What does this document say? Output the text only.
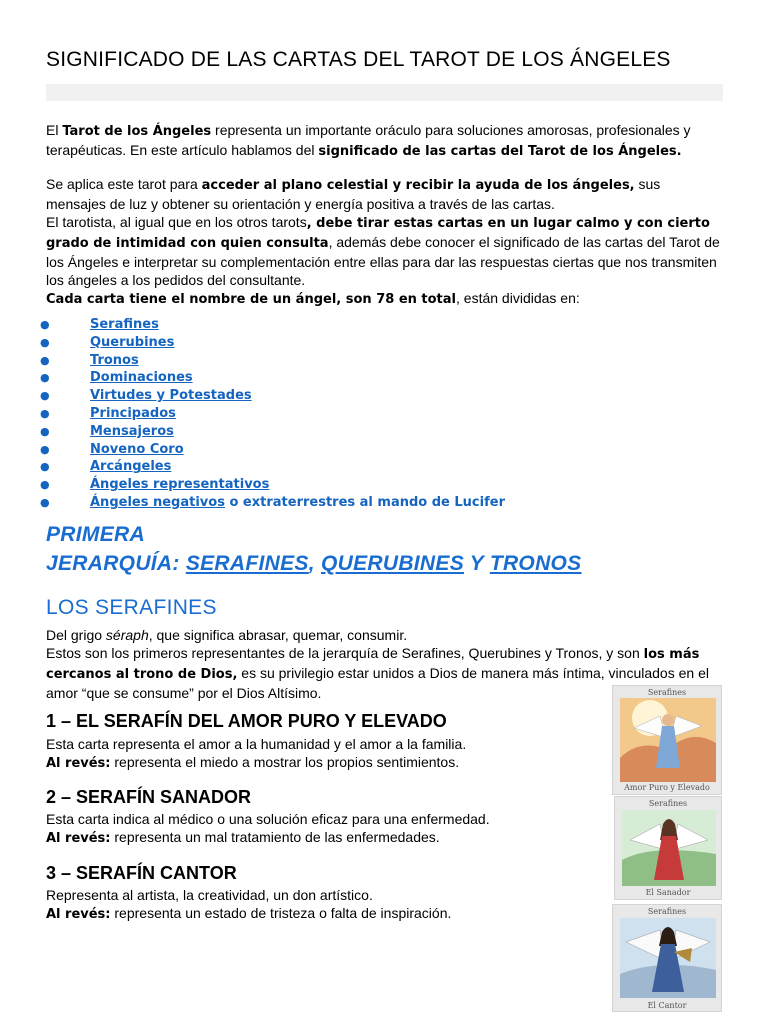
SIGNIFICADO DE LAS CARTAS DEL TAROT DE LOS ÁNGELES
El Tarot de los Ángeles representa un importante oráculo para soluciones amorosas, profesionales y terapéuticas. En este artículo hablamos del significado de las cartas del Tarot de los Ángeles.
Se aplica este tarot para acceder al plano celestial y recibir la ayuda de los ángeles, sus mensajes de luz y obtener su orientación y energía positiva a través de las cartas.
El tarotista, al igual que en los otros tarots, debe tirar estas cartas en un lugar calmo y con cierto grado de intimidad con quien consulta, además debe conocer el significado de las cartas del Tarot de los Ángeles e interpretar su complementación entre ellas para dar las respuestas ciertas que nos transmiten los ángeles a los pedidos del consultante.
Cada carta tiene el nombre de un ángel, son 78 en total, están divididas en:
●	Serafines
●	Querubines
●	Tronos
●	Dominaciones
●	Virtudes y Potestades
●	Principados
●	Mensajeros
●	Noveno Coro
●	Arcángeles
●	Ángeles representativos
●	Ángeles negativos o extraterrestres al mando de Lucifer
PRIMERA
JERARQUÍA: SERAFINES, QUERUBINES Y TRONOS
LOS SERAFINES
Del grigo séraph, que significa abrasar, quemar, consumir.
Estos son los primeros representantes de la jerarquía de Serafines, Querubines y Tronos, y son los más cercanos al trono de Dios, es su privilegio estar unidos a Dios de manera más íntima, vinculados en el amor “que se consume” por el Dios Altísimo.
1 – EL SERAFÍN DEL AMOR PURO Y ELEVADO
Esta carta representa el amor a la humanidad y el amor a la familia.
Al revés: representa el miedo a mostrar los propios sentimientos.
2 – SERAFÍN SANADOR
Esta carta indica al médico o una solución eficaz para una enfermedad.
Al revés: representa un mal tratamiento de las enfermedades.
3 – SERAFÍN CANTOR
Representa al artista, la creatividad, un don artístico.
Al revés: representa un estado de tristeza o falta de inspiración.
Serafines
Amor Puro y Elevado
Serafines
El Sanador
Serafines
El Cantor
